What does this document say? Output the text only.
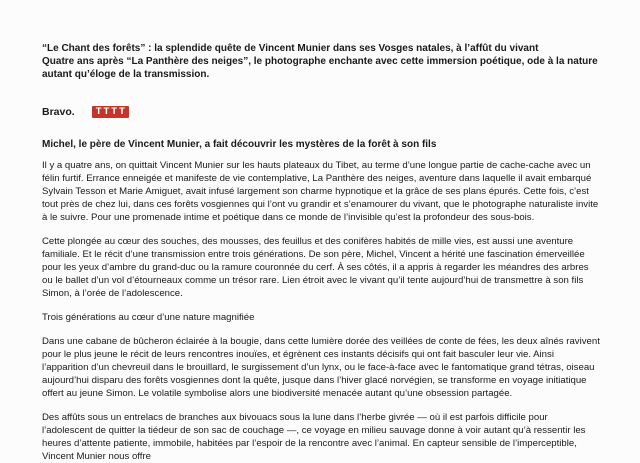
“Le Chant des forêts” : la splendide quête de Vincent Munier dans ses Vosges natales, à l’affût du vivant

Quatre ans après “La Panthère des neiges”, le photographe enchante avec cette immersion poétique, ode à la nature autant qu’éloge de la transmission.

Bravo.	TTTT

Michel, le père de Vincent Munier, a fait découvrir les mystères de la forêt à son fils

Il y a quatre ans, on quittait Vincent Munier sur les hauts plateaux du Tibet, au terme d’une longue partie de cache-cache avec un félin furtif. Errance enneigée et manifeste de vie contemplative, La Panthère des neiges, aventure dans laquelle il avait embarqué Sylvain Tesson et Marie Amiguet, avait infusé largement son charme hypnotique et la grâce de ses plans épurés. Cette fois, c’est tout près de chez lui, dans ces forêts vosgiennes qui l’ont vu grandir et s’enamourer du vivant, que le photographe naturaliste invite à le suivre. Pour une promenade intime et poétique dans ce monde de l’invisible qu’est la profondeur des sous-bois.

Cette plongée au cœur des souches, des mousses, des feuillus et des conifères habités de mille vies, est aussi une aventure familiale. Et le récit d’une transmission entre trois générations. De son père, Michel, Vincent a hérité une fascination émerveillée pour les yeux d’ambre du grand-duc ou la ramure couronnée du cerf. À ses côtés, il a appris à regarder les méandres des arbres ou le ballet d’un vol d’étourneaux comme un trésor rare. Lien étroit avec le vivant qu’il tente aujourd’hui de transmettre à son fils Simon, à l’orée de l’adolescence.

Trois générations au cœur d’une nature magnifiée

Dans une cabane de bûcheron éclairée à la bougie, dans cette lumière dorée des veillées de conte de fées, les deux aînés ravivent pour le plus jeune le récit de leurs rencontres inouïes, et égrènent ces instants décisifs qui ont fait basculer leur vie. Ainsi l’apparition d’un chevreuil dans le brouillard, le surgissement d’un lynx, ou le face-à-face avec le fantomatique grand tétras, oiseau aujourd’hui disparu des forêts vosgiennes dont la quête, jusque dans l’hiver glacé norvégien, se transforme en voyage initiatique offert au jeune Simon. Le volatile symbolise alors une biodiversité menacée autant qu’une obsession partagée.

Des affûts sous un entrelacs de branches aux bivouacs sous la lune dans l’herbe givrée — où il est parfois difficile pour l’adolescent de quitter la tiédeur de son sac de couchage —, ce voyage en milieu sauvage donne à voir autant qu’à ressentir les heures d’attente patiente, immobile, habitées par l’espoir de la rencontre avec l’animal. En capteur sensible de l’imperceptible, Vincent Munier nous offre
